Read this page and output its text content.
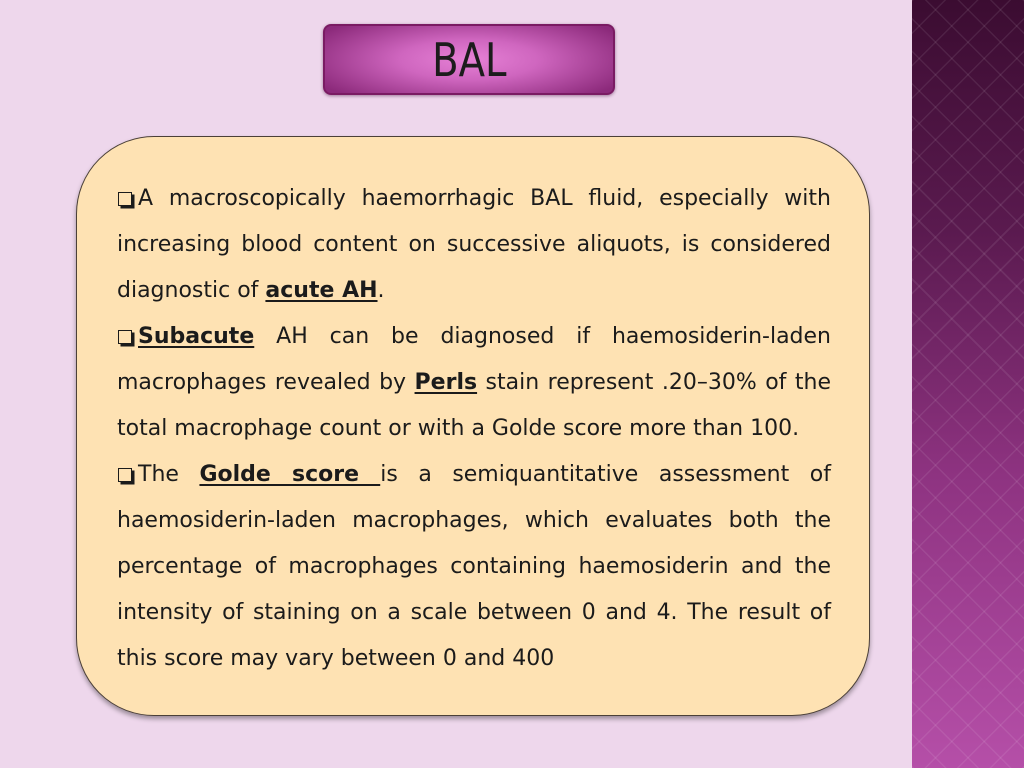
BAL

A macroscopically haemorrhagic BAL fluid, especially with increasing blood content on successive aliquots, is considered diagnostic of acute AH.

Subacute AH can be diagnosed if haemosiderin-laden macrophages revealed by Perls stain represent .20–30% of the total macrophage count or with a Golde score more than 100.

The Golde score is a semiquantitative assessment of haemosiderin-laden macrophages, which evaluates both the percentage of macrophages containing haemosiderin and the intensity of staining on a scale between 0 and 4. The result of this score may vary between 0 and 400
